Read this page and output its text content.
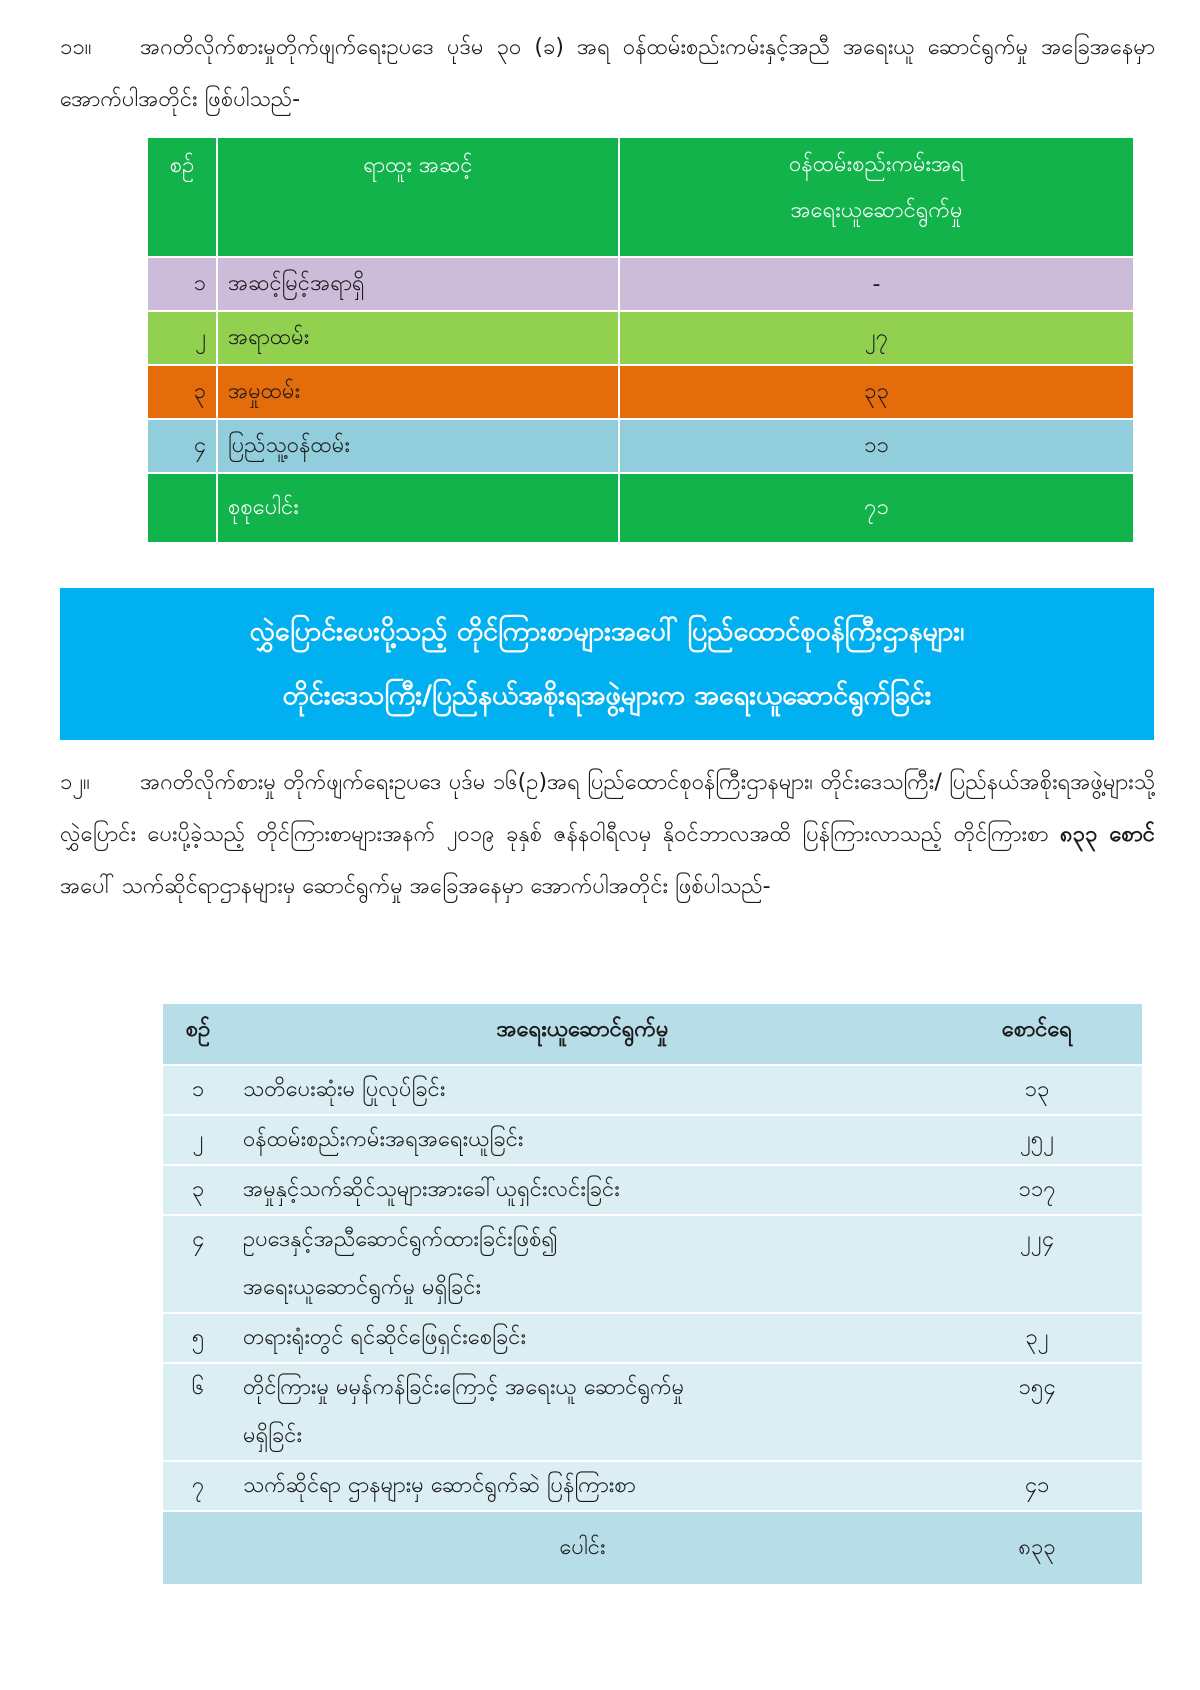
၁၁။ အဂတိလိုက်စားမှုတိုက်ဖျက်ရေးဥပဒေ ပုဒ်မ ၃၀ (ခ) အရ ဝန်ထမ်းစည်းကမ်းနှင့်အညီ အရေးယူ ဆောင်ရွက်မှု အခြေအနေမှာ အောက်ပါအတိုင်း ဖြစ်ပါသည်-
စဉ်	ရာထူး အဆင့်	ဝန်ထမ်းစည်းကမ်းအရ
အရေးယူဆောင်ရွက်မှု

၁	အဆင့်မြင့်အရာရှိ	-
၂	အရာထမ်း	၂၇
၃	အမှုထမ်း	၃၃
၄	ပြည်သူ့ဝန်ထမ်း	၁၁
	စုစုပေါင်း	၇၁
လွှဲပြောင်းပေးပို့သည့် တိုင်ကြားစာများအပေါ် ပြည်ထောင်စုဝန်ကြီးဌာနများ၊
တိုင်းဒေသကြီး/ပြည်နယ်အစိုးရအဖွဲ့များက အရေးယူဆောင်ရွက်ခြင်း
၁၂။ အဂတိလိုက်စားမှု တိုက်ဖျက်ရေးဥပဒေ ပုဒ်မ ၁၆(ဥ)အရ ပြည်ထောင်စုဝန်ကြီးဌာနများ၊ တိုင်းဒေသကြီး/ ပြည်နယ်အစိုးရအဖွဲ့များသို့ လွှဲပြောင်း ပေးပို့ခဲ့သည့် တိုင်ကြားစာများအနက် ၂၀၁၉ ခုနှစ် ဇန်နဝါရီလမှ နိုဝင်ဘာလအထိ ပြန်ကြားလာသည့် တိုင်ကြားစာ ၈၃၃ စောင် အပေါ် သက်ဆိုင်ရာဌာနများမှ ဆောင်ရွက်မှု အခြေအနေမှာ အောက်ပါအတိုင်း ဖြစ်ပါသည်-
စဉ်	အရေးယူဆောင်ရွက်မှု	စောင်ရေ
၁	သတိပေးဆုံးမ ပြုလုပ်ခြင်း	၁၃
၂	ဝန်ထမ်းစည်းကမ်းအရအရေးယူခြင်း	၂၅၂
၃	အမှုနှင့်သက်ဆိုင်သူများအားခေါ်ယူရှင်းလင်းခြင်း	၁၁၇
၄	ဥပဒေနှင့်အညီဆောင်ရွက်ထားခြင်းဖြစ်၍
အရေးယူဆောင်ရွက်မှု မရှိခြင်း	၂၂၄
၅	တရားရုံးတွင် ရင်ဆိုင်ဖြေရှင်းစေခြင်း	၃၂
၆	တိုင်ကြားမှု မမှန်ကန်ခြင်းကြောင့် အရေးယူ ဆောင်ရွက်မှု
မရှိခြင်း	၁၅၄
၇	သက်ဆိုင်ရာ ဌာနများမှ ဆောင်ရွက်ဆဲ ပြန်ကြားစာ	၄၁
	ပေါင်း	၈၃၃
